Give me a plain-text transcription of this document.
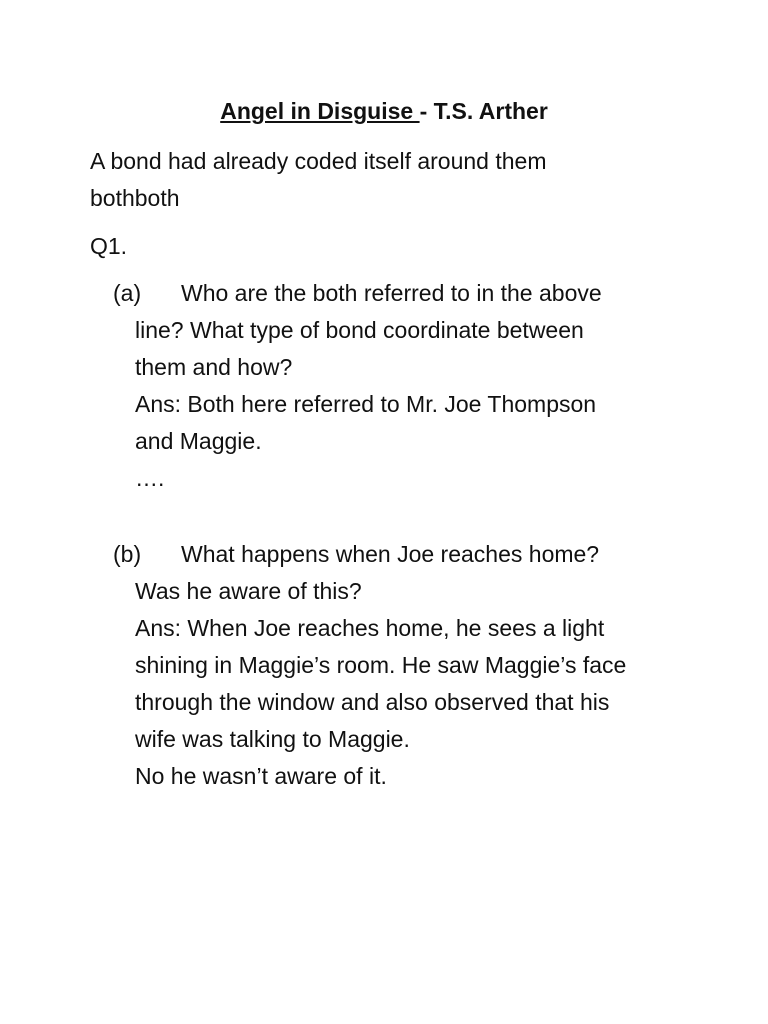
Angel in Disguise - T.S. Arther
A bond had already coded itself around them
bothboth
Q1.
(a) Who are the both referred to in the above
line? What type of bond coordinate between
them and how?
Ans: Both here referred to Mr. Joe Thompson
and Maggie.
….
(b) What happens when Joe reaches home?
Was he aware of this?
Ans: When Joe reaches home, he sees a light
shining in Maggie’s room. He saw Maggie’s face
through the window and also observed that his
wife was talking to Maggie.
No he wasn’t aware of it.
